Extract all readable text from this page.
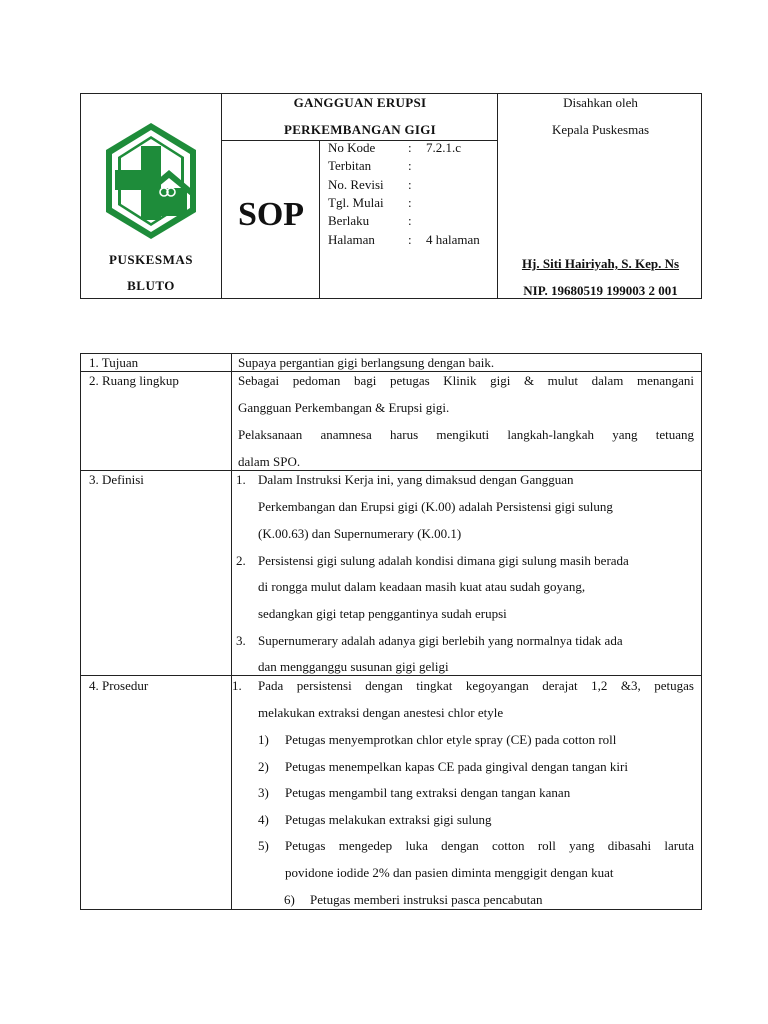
PUSKESMAS
BLUTO
GANGGUAN ERUPSI
PERKEMBANGAN GIGI
SOP
No Kode	: 7.2.1.c
Terbitan	:
No. Revisi :
Tgl. Mulai :
Berlaku	:
Halaman	: 4 halaman
Disahkan oleh
Kepala Puskesmas
Hj. Siti Hairiyah, S. Kep. Ns
NIP. 19680519 199003 2 001
1. Tujuan	Supaya pergantian gigi berlangsung dengan baik.
2. Ruang lingkup	Sebagai pedoman bagi petugas Klinik gigi & mulut dalam menangani
Gangguan Perkembangan & Erupsi gigi.
Pelaksanaan anamnesa harus mengikuti langkah-langkah yang tetuang
dalam SPO.
3. Definisi	1. Dalam Instruksi Kerja ini, yang dimaksud dengan Gangguan
Perkembangan dan Erupsi gigi (K.00) adalah Persistensi gigi sulung
(K.00.63) dan Supernumerary (K.00.1)
2. Persistensi gigi sulung adalah kondisi dimana gigi sulung masih berada
di rongga mulut dalam keadaan masih kuat atau sudah goyang,
sedangkan gigi tetap penggantinya sudah erupsi
3. Supernumerary adalah adanya gigi berlebih yang normalnya tidak ada
dan mengganggu susunan gigi geligi
4. Prosedur	1. Pada persistensi dengan tingkat kegoyangan derajat 1,2 &3, petugas
melakukan extraksi dengan anestesi chlor etyle
1) Petugas menyemprotkan chlor etyle spray (CE) pada cotton roll
2) Petugas menempelkan kapas CE pada gingival dengan tangan kiri
3) Petugas mengambil tang extraksi dengan tangan kanan
4) Petugas melakukan extraksi gigi sulung
5) Petugas mengedep luka dengan cotton roll yang dibasahi laruta
povidone iodide 2% dan pasien diminta menggigit dengan kuat
6) Petugas memberi instruksi pasca pencabutan
